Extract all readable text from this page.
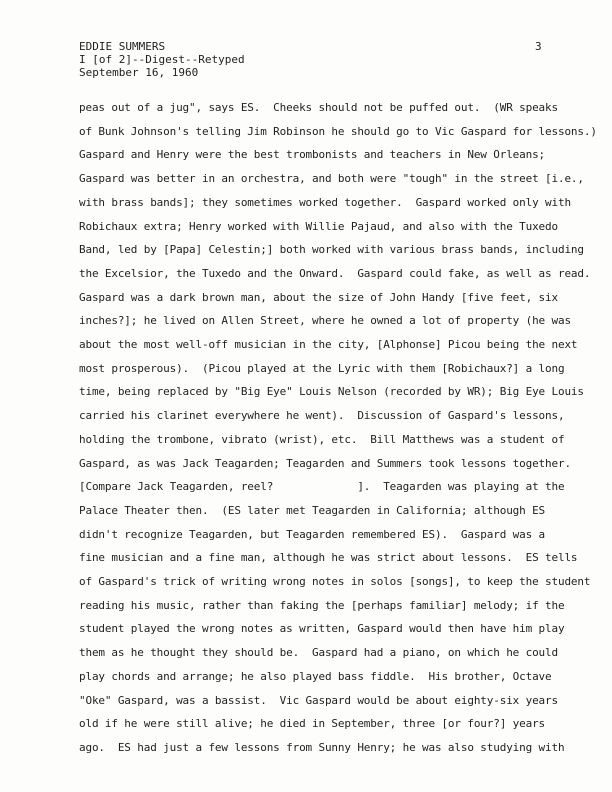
EDDIE SUMMERS
I [of 2]--Digest--Retyped
September 16, 1960
3
peas out of a jug", says ES.  Cheeks should not be puffed out.  (WR speaks
of Bunk Johnson's telling Jim Robinson he should go to Vic Gaspard for lessons.)
Gaspard and Henry were the best trombonists and teachers in New Orleans;
Gaspard was better in an orchestra, and both were "tough" in the street [i.e.,
with brass bands]; they sometimes worked together.  Gaspard worked only with
Robichaux extra; Henry worked with Willie Pajaud, and also with the Tuxedo
Band, led by [Papa] Celestin;] both worked with various brass bands, including
the Excelsior, the Tuxedo and the Onward.  Gaspard could fake, as well as read.
Gaspard was a dark brown man, about the size of John Handy [five feet, six
inches?]; he lived on Allen Street, where he owned a lot of property (he was
about the most well-off musician in the city, [Alphonse] Picou being the next
most prosperous).  (Picou played at the Lyric with them [Robichaux?] a long
time, being replaced by "Big Eye" Louis Nelson (recorded by WR); Big Eye Louis
carried his clarinet everywhere he went).  Discussion of Gaspard's lessons,
holding the trombone, vibrato (wrist), etc.  Bill Matthews was a student of
Gaspard, as was Jack Teagarden; Teagarden and Summers took lessons together.
[Compare Jack Teagarden, reel?             ].  Teagarden was playing at the
Palace Theater then.  (ES later met Teagarden in California; although ES
didn't recognize Teagarden, but Teagarden remembered ES).  Gaspard was a
fine musician and a fine man, although he was strict about lessons.  ES tells
of Gaspard's trick of writing wrong notes in solos [songs], to keep the student
reading his music, rather than faking the [perhaps familiar] melody; if the
student played the wrong notes as written, Gaspard would then have him play
them as he thought they should be.  Gaspard had a piano, on which he could
play chords and arrange; he also played bass fiddle.  His brother, Octave
"Oke" Gaspard, was a bassist.  Vic Gaspard would be about eighty-six years
old if he were still alive; he died in September, three [or four?] years
ago.  ES had just a few lessons from Sunny Henry; he was also studying with
